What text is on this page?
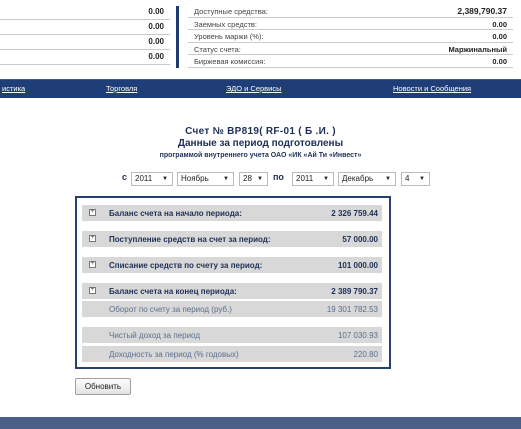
0.00
0.00
0.00
0.00
Доступные средства:	2,389,790.37
Заемных средств:	0.00
Уровень маржи (%):	0.00
Статус счета:	Маржинальный
Биржевая комиссия:	0.00
истика	Торговля	ЭДО и Сервисы	Новости и Сообщения
Счет № BP819( RF-01 ( Б .И. )
Данные за период подготовлены
программой внутреннего учета ОАО «ИК «Ай Ти «Инвест»
с 2011	▼	Ноябрь	▼	28 ▼ по	2011	▼	Декабрь	▼	4	▼
+ Баланс счета на начало периода:	2 326 759.44
+ Поступление средств на счет за период:	57 000.00
+ Списание средств по счету за период:	101 000.00
+ Баланс счета на конец периода:	2 389 790.37
Оборот по счету за период (руб.)	19 301 782.53
Чистый доход за период	107 030.93
Доходность за период (% годовых)	220.80
Обновить
